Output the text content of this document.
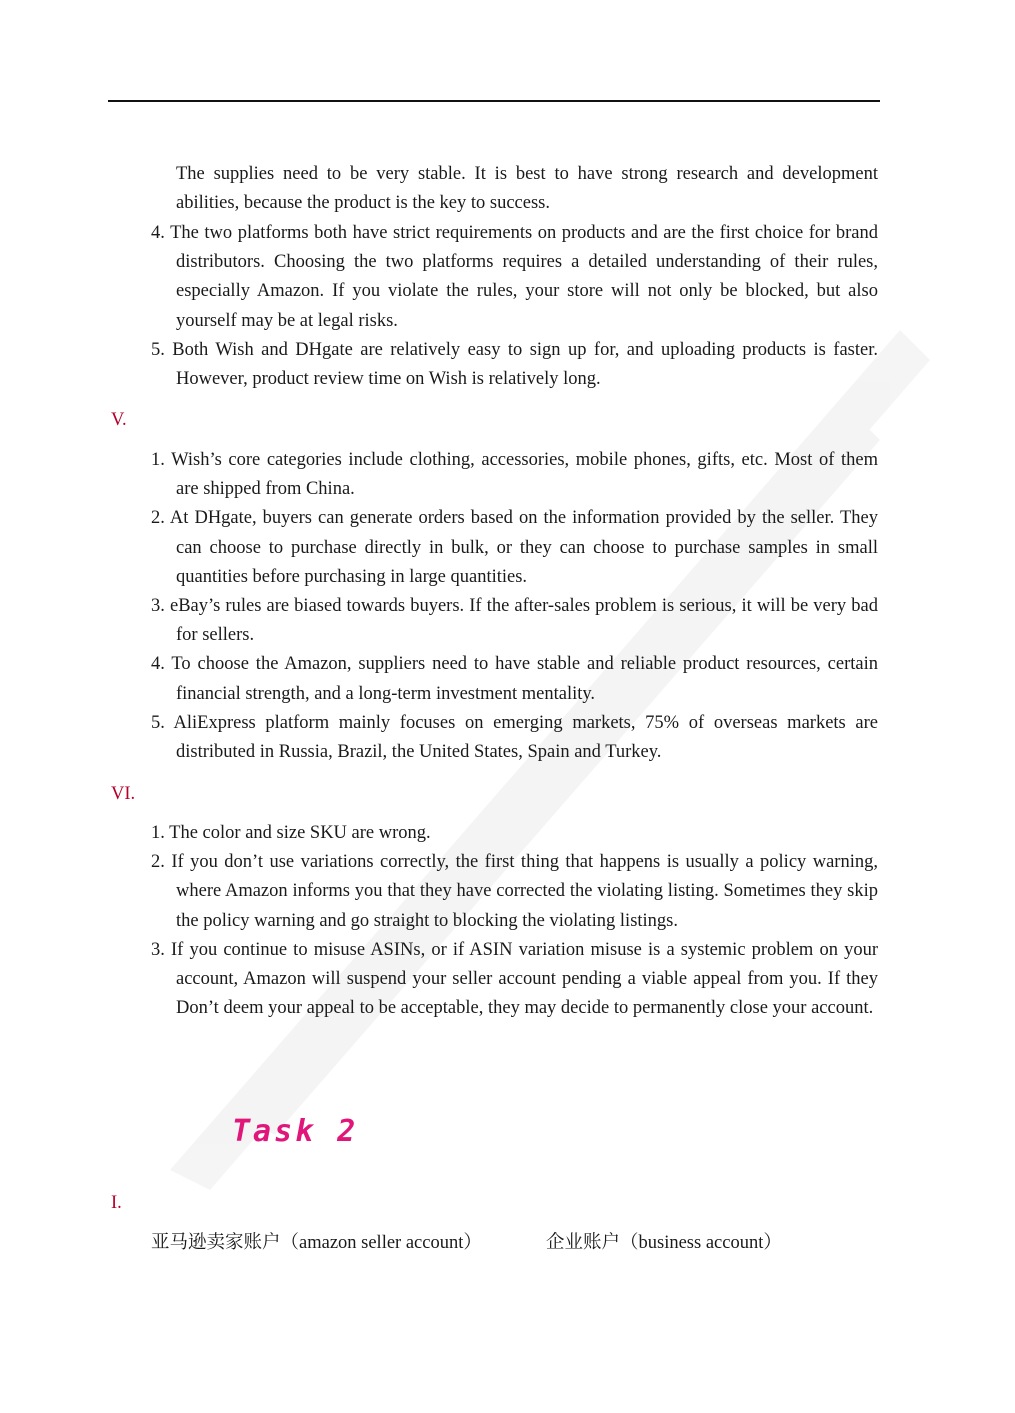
The supplies need to be very stable. It is best to have strong research and development abilities, because the product is the key to success.
4. The two platforms both have strict requirements on products and are the first choice for brand distributors. Choosing the two platforms requires a detailed understanding of their rules, especially Amazon. If you violate the rules, your store will not only be blocked, but also yourself may be at legal risks.
5. Both Wish and DHgate are relatively easy to sign up for, and uploading products is faster. However, product review time on Wish is relatively long.
V.
1. Wish’s core categories include clothing, accessories, mobile phones, gifts, etc. Most of them are shipped from China.
2. At DHgate, buyers can generate orders based on the information provided by the seller. They can choose to purchase directly in bulk, or they can choose to purchase samples in small quantities before purchasing in large quantities.
3. eBay’s rules are biased towards buyers. If the after-sales problem is serious, it will be very bad for sellers.
4. To choose the Amazon, suppliers need to have stable and reliable product resources, certain financial strength, and a long-term investment mentality.
5. AliExpress platform mainly focuses on emerging markets, 75% of overseas markets are distributed in Russia, Brazil, the United States, Spain and Turkey.
VI.
1. The color and size SKU are wrong.
2. If you don’t use variations correctly, the first thing that happens is usually a policy warning, where Amazon informs you that they have corrected the violating listing. Sometimes they skip the policy warning and go straight to blocking the violating listings.
3. If you continue to misuse ASINs, or if ASIN variation misuse is a systemic problem on your account, Amazon will suspend your seller account pending a viable appeal from you. If they Don’t deem your appeal to be acceptable, they may decide to permanently close your account.
Task 2
I.
亚马逊卖家账户（amazon seller account）	企业账户（business account）
